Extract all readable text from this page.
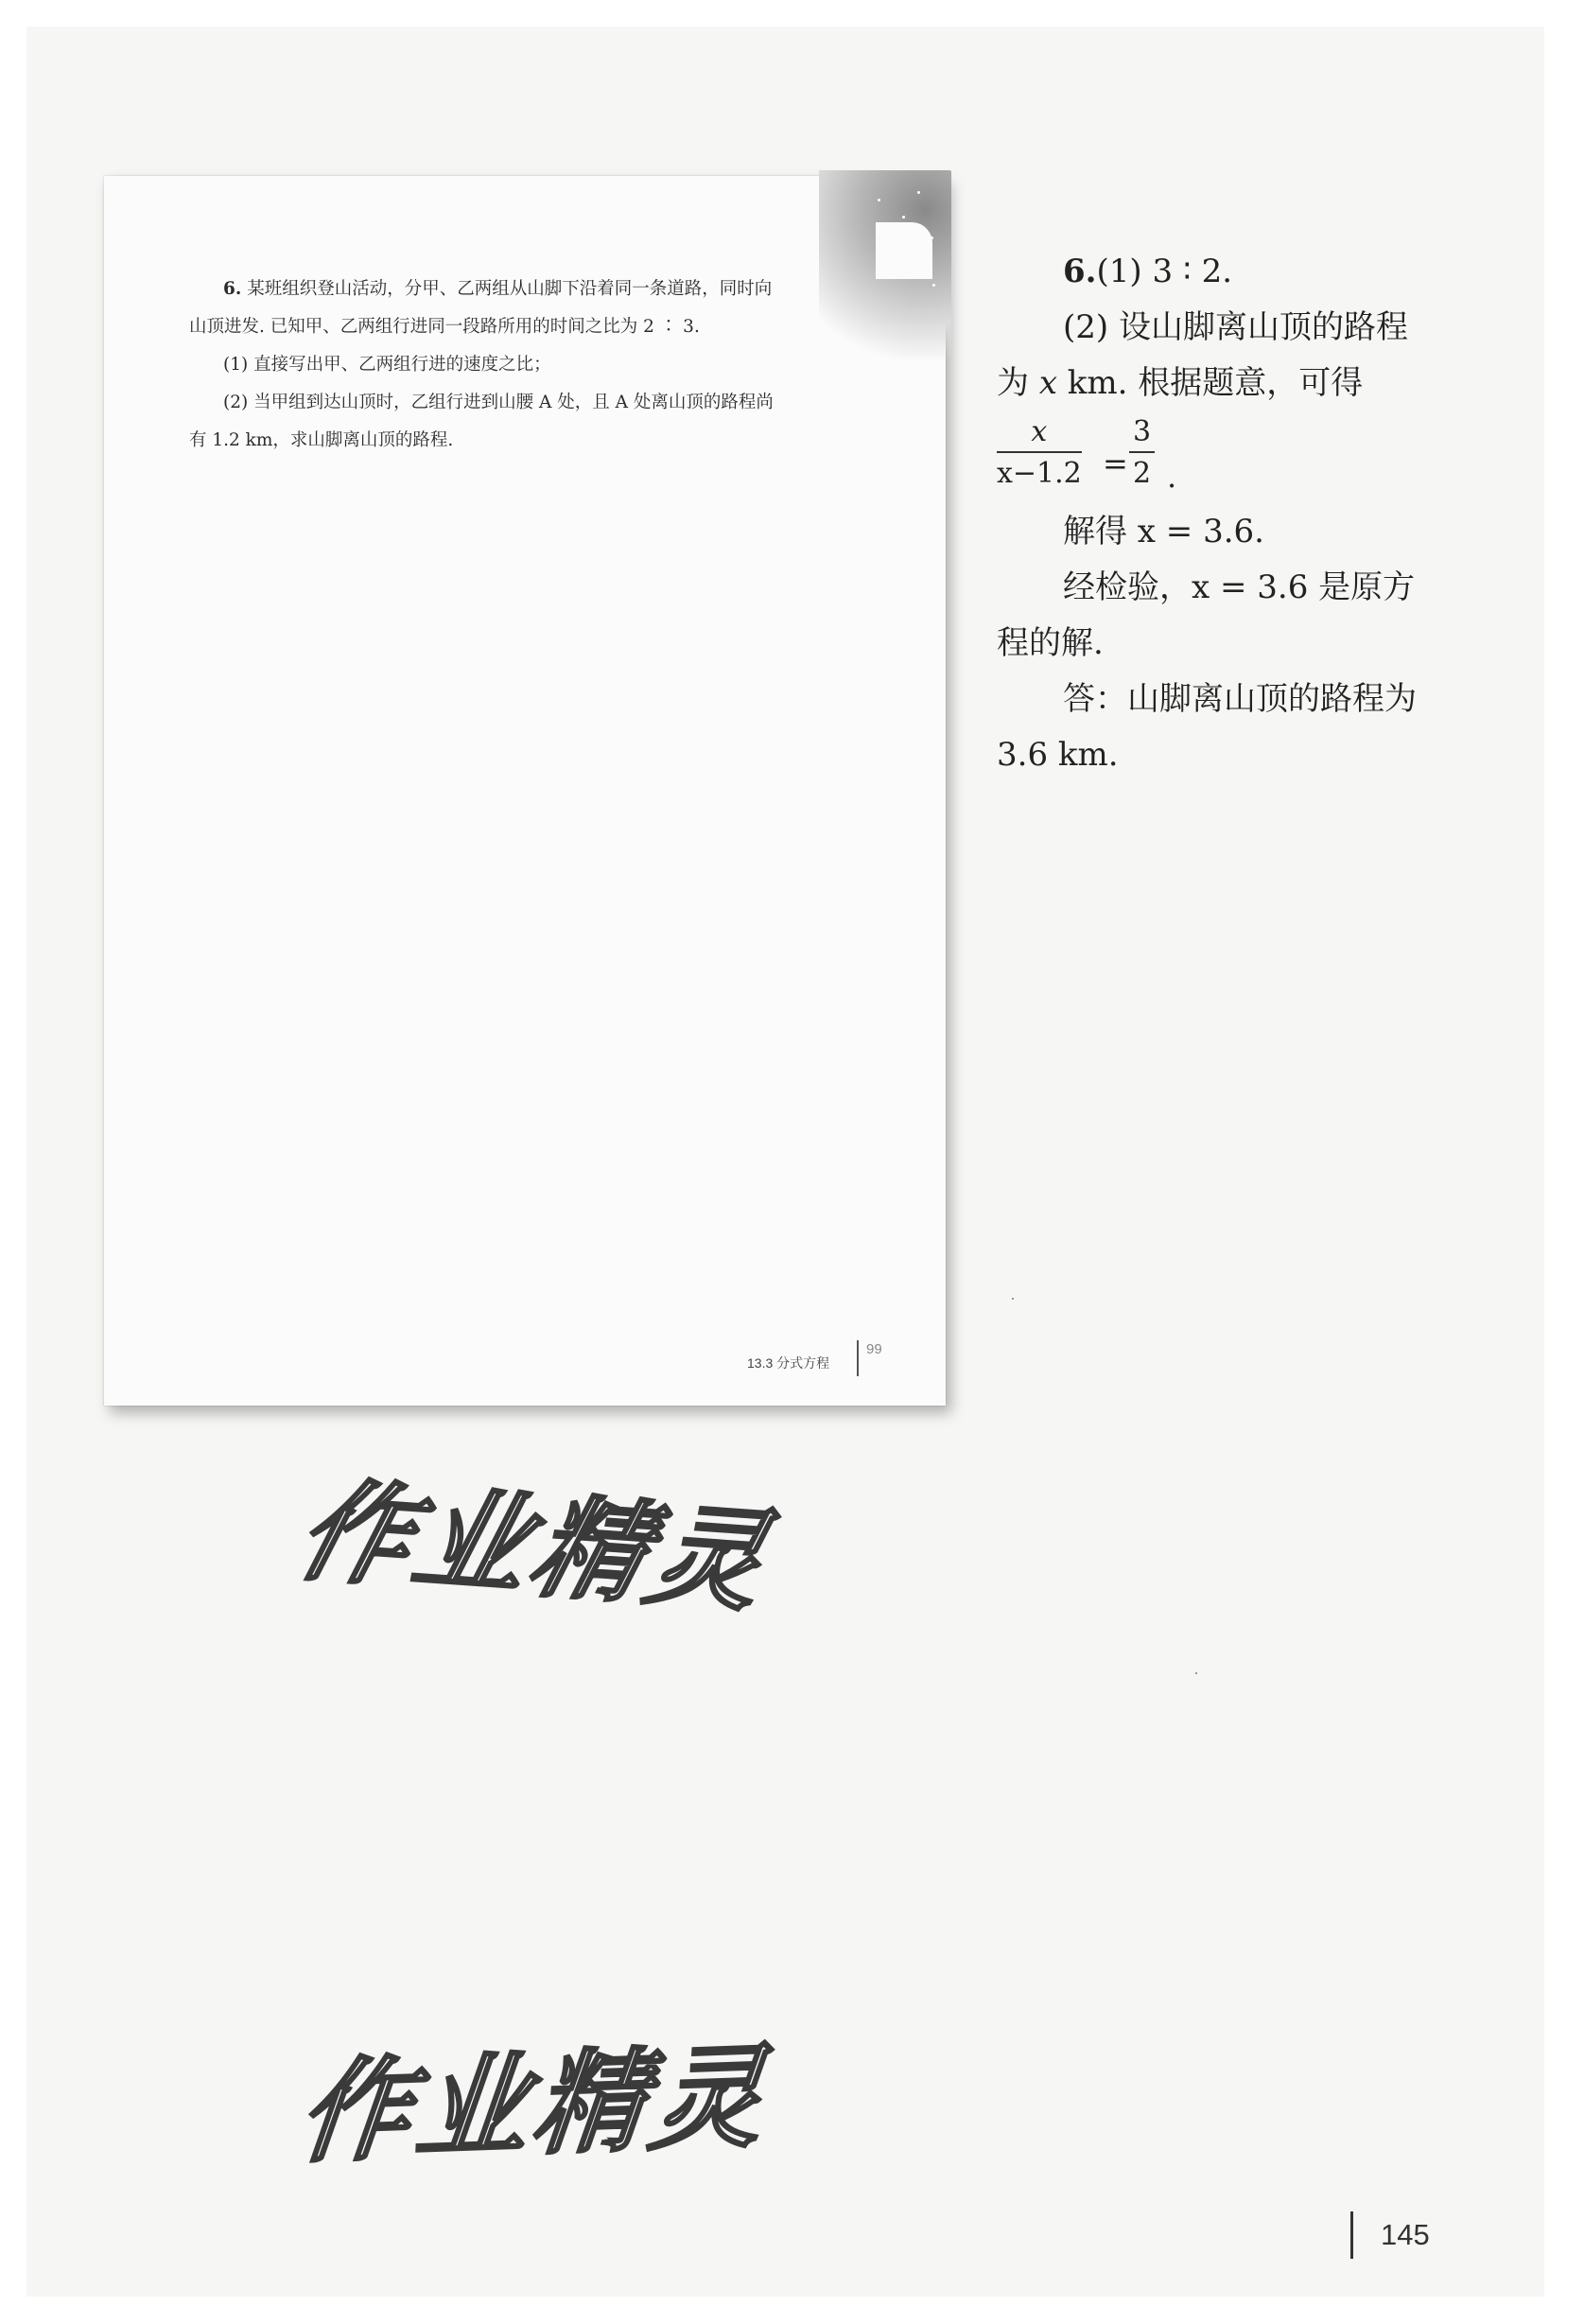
6. 某班组织登山活动，分甲、乙两组从山脚下沿着同一条道路，同时向
山顶进发. 已知甲、乙两组行进同一段路所用的时间之比为 2 ∶ 3.
(1) 直接写出甲、乙两组行进的速度之比；
(2) 当甲组到达山顶时，乙组行进到山腰 A 处，且 A 处离山顶的路程尚
有 1.2 km，求山脚离山顶的路程.
13.3 分式方程
99
6.(1) 3 ∶ 2.
(2) 设山脚离山顶的路程
为 x km. 根据题意，可得
$\frac{x}{x-1.2} = \frac{3}{2}$ .
解得 x = 3.6.
经检验，x = 3.6 是原方
程的解.
答：山脚离山顶的路程为
3.6 km.
145
作业精灵
作业精灵
